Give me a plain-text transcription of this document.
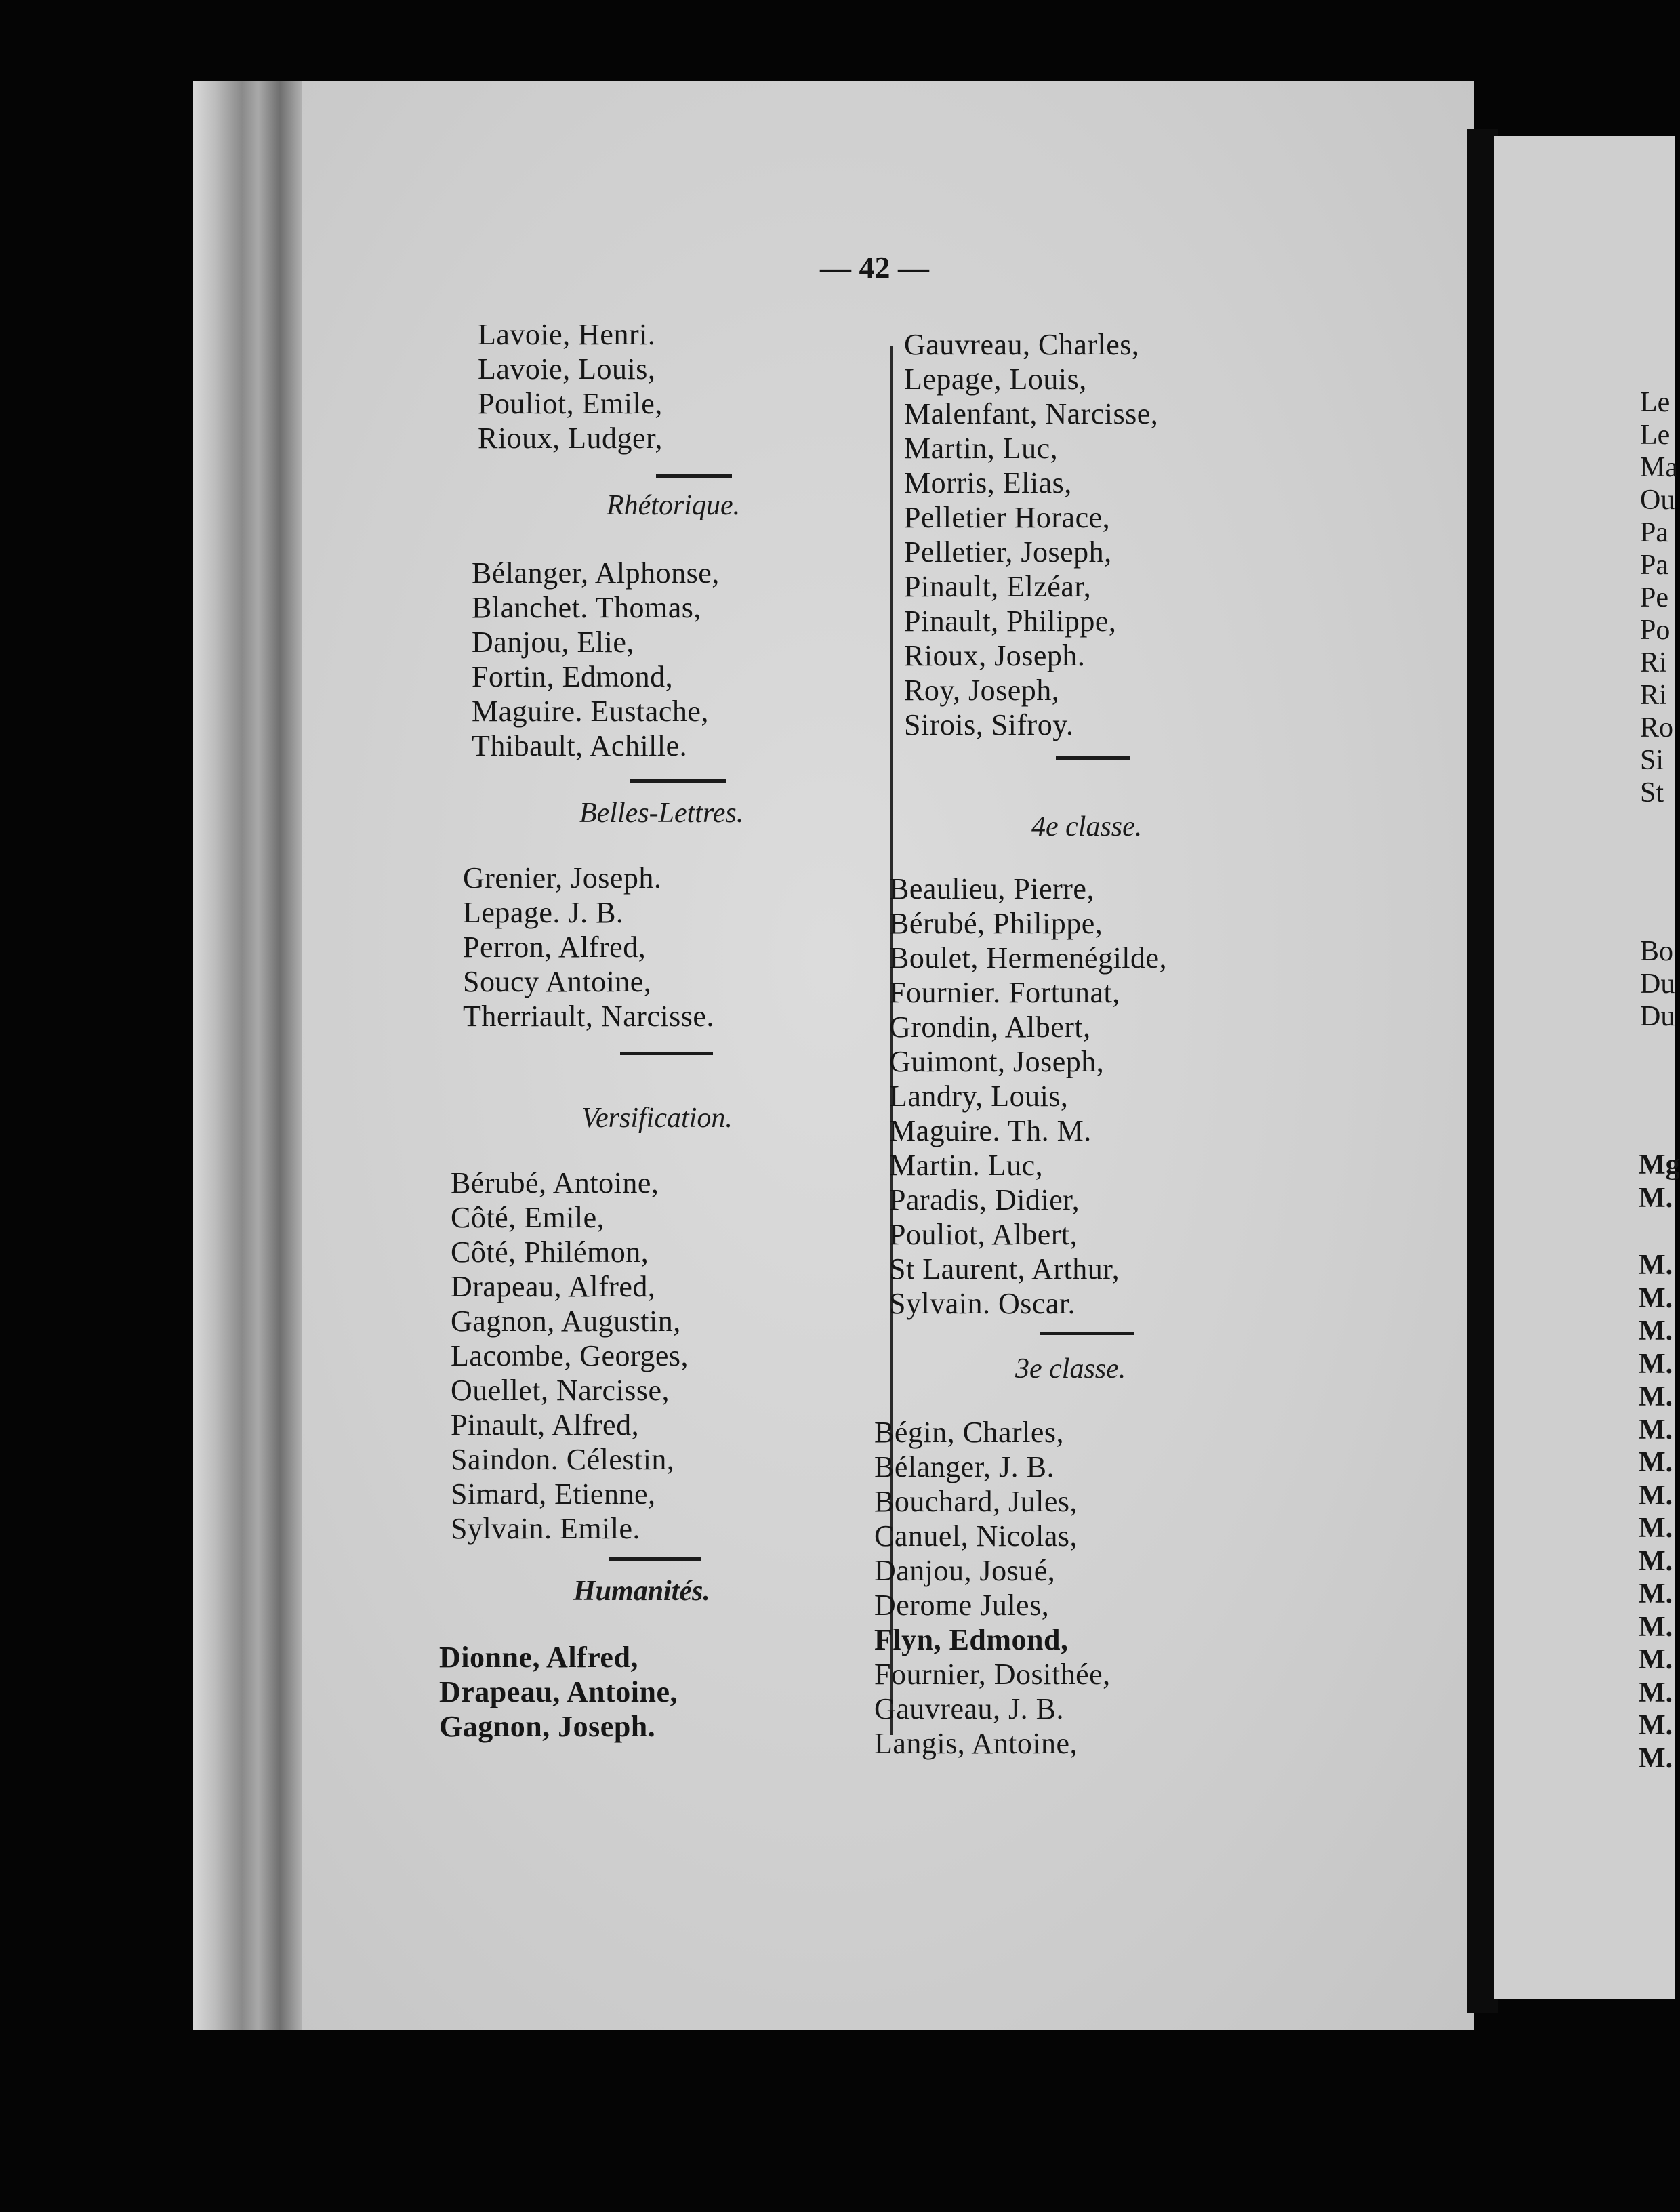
— 42 —
Lavoie, Henri.
Lavoie, Louis,
Pouliot, Emile,
Rioux, Ludger,
Rhétorique.
Bélanger, Alphonse,
Blanchet. Thomas,
Danjou, Elie,
Fortin, Edmond,
Maguire. Eustache,
Thibault, Achille.
Belles-Lettres.
Grenier, Joseph.
Lepage. J. B.
Perron, Alfred,
Soucy Antoine,
Therriault, Narcisse.
Versification.
Bérubé, Antoine,
Côté, Emile,
Côté, Philémon,
Drapeau, Alfred,
Gagnon, Augustin,
Lacombe, Georges,
Ouellet, Narcisse,
Pinault, Alfred,
Saindon. Célestin,
Simard, Etienne,
Sylvain. Emile.
Humanités.
Dionne, Alfred,
Drapeau, Antoine,
Gagnon, Joseph.
Gauvreau, Charles,
Lepage, Louis,
Malenfant, Narcisse,
Martin, Luc,
Morris, Elias,
Pelletier Horace,
Pelletier, Joseph,
Pinault, Elzéar,
Pinault, Philippe,
Rioux, Joseph.
Roy, Joseph,
Sirois, Sifroy.
4e classe.
Beaulieu, Pierre,
Bérubé, Philippe,
Boulet, Hermenégilde,
Fournier. Fortunat,
Grondin, Albert,
Guimont, Joseph,
Landry, Louis,
Maguire. Th. M.
Martin. Luc,
Paradis, Didier,
Pouliot, Albert,
St Laurent, Arthur,
Sylvain. Oscar.
3e classe.
Bégin, Charles,
Bélanger, J. B.
Bouchard, Jules,
Canuel, Nicolas,
Danjou, Josué,
Derome Jules,
Flyn, Edmond,
Fournier, Dosithée,
Gauvreau, J. B.
Langis, Antoine,
Le
Le
Ma
Ou
Pa
Pa
Pe
Po
Ri
Ri
Ro
Si
St
Bo
Du
Du
Mg
M.
M.
M.
M.
M.
M.
M.
M.
M.
M.
M.
M.
M.
M.
M.
M.
M.
